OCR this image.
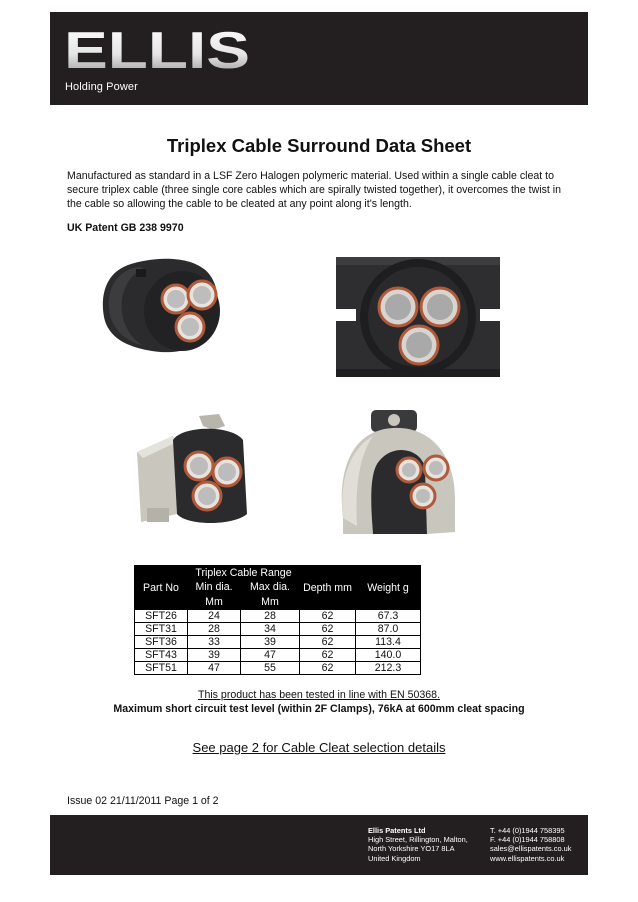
ELLIS
Holding Power
Triplex Cable Surround Data Sheet
Manufactured as standard in a LSF Zero Halogen polymeric material. Used within a single cable cleat to secure triplex cable (three single core cables which are spirally twisted together), it overcomes the twist in the cable so allowing the cable to be cleated at any point along it's length.
UK Patent GB 238 9970
Part No	Triplex Cable Range		Depth mm	Weight g
	Min dia.	Max dia.		
	Mm	Mm		
SFT26	24	28	62	67.3
SFT31	28	34	62	87.0
SFT36	33	39	62	113.4
SFT43	39	47	62	140.0
SFT51	47	55	62	212.3
This product has been tested in line with EN 50368.
Maximum short circuit test level (within 2F Clamps), 76kA at 600mm cleat spacing
See page 2 for Cable Cleat selection details
Issue 02 21/11/2011 Page 1 of 2
Ellis Patents Ltd
High Street, Rillington, Malton,
North Yorkshire YO17 8LA
United Kingdom
T. +44 (0)1944 758395
F. +44 (0)1944 758808
sales@ellispatents.co.uk
www.ellispatents.co.uk
